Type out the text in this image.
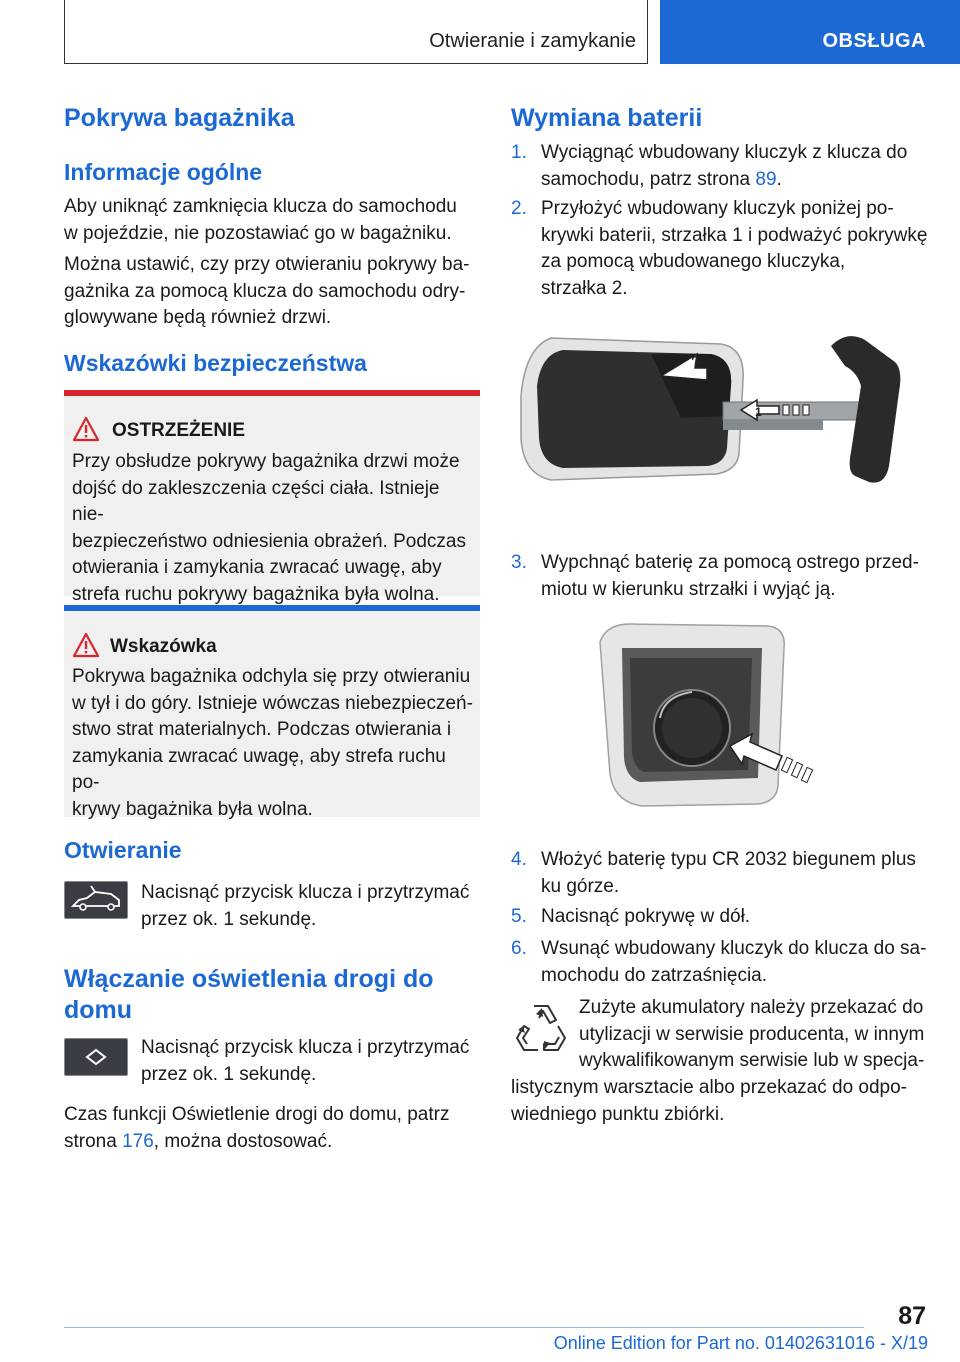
Otwieranie i zamykanie	OBSŁUGA
Pokrywa bagażnika
Informacje ogólne
Aby uniknąć zamknięcia klucza do samochodu
w pojeździe, nie pozostawiać go w bagażniku.
Można ustawić, czy przy otwieraniu pokrywy ba-
gażnika za pomocą klucza do samochodu odry-
glowywane będą również drzwi.
Wskazówki bezpieczeństwa
OSTRZEŻENIE
Przy obsłudze pokrywy bagażnika drzwi może
dojść do zakleszczenia części ciała. Istnieje nie-
bezpieczeństwo odniesienia obrażeń. Podczas
otwierania i zamykania zwracać uwagę, aby
strefa ruchu pokrywy bagażnika była wolna.
Wskazówka
Pokrywa bagażnika odchyla się przy otwieraniu
w tył i do góry. Istnieje wówczas niebezpieczeń-
stwo strat materialnych. Podczas otwierania i
zamykania zwracać uwagę, aby strefa ruchu po-
krywy bagażnika była wolna.
Otwieranie
Nacisnąć przycisk klucza i przytrzymać
przez ok. 1 sekundę.
Włączanie oświetlenia drogi do
domu
Nacisnąć przycisk klucza i przytrzymać
przez ok. 1 sekundę.
Czas funkcji Oświetlenie drogi do domu, patrz
strona 176, można dostosować.
Wymiana baterii
1. Wyciągnąć wbudowany kluczyk z klucza do
samochodu, patrz strona 89.
2. Przyłożyć wbudowany kluczyk poniżej po-
krywki baterii, strzałka 1 i podważyć pokrywkę
za pomocą wbudowanego kluczyka,
strzałka 2.
2
1
3. Wypchnąć baterię za pomocą ostrego przed-
miotu w kierunku strzałki i wyjąć ją.
4. Włożyć baterię typu CR 2032 biegunem plus
ku górze.
5. Nacisnąć pokrywę w dół.
6. Wsunąć wbudowany kluczyk do klucza do sa-
mochodu do zatrzaśnięcia.
Zużyte akumulatory należy przekazać do
utylizacji w serwisie producenta, w innym
wykwalifikowanym serwisie lub w specja-
listycznym warsztacie albo przekazać do odpo-
wiedniego punktu zbiórki.
87
Online Edition for Part no. 01402631016 - X/19
